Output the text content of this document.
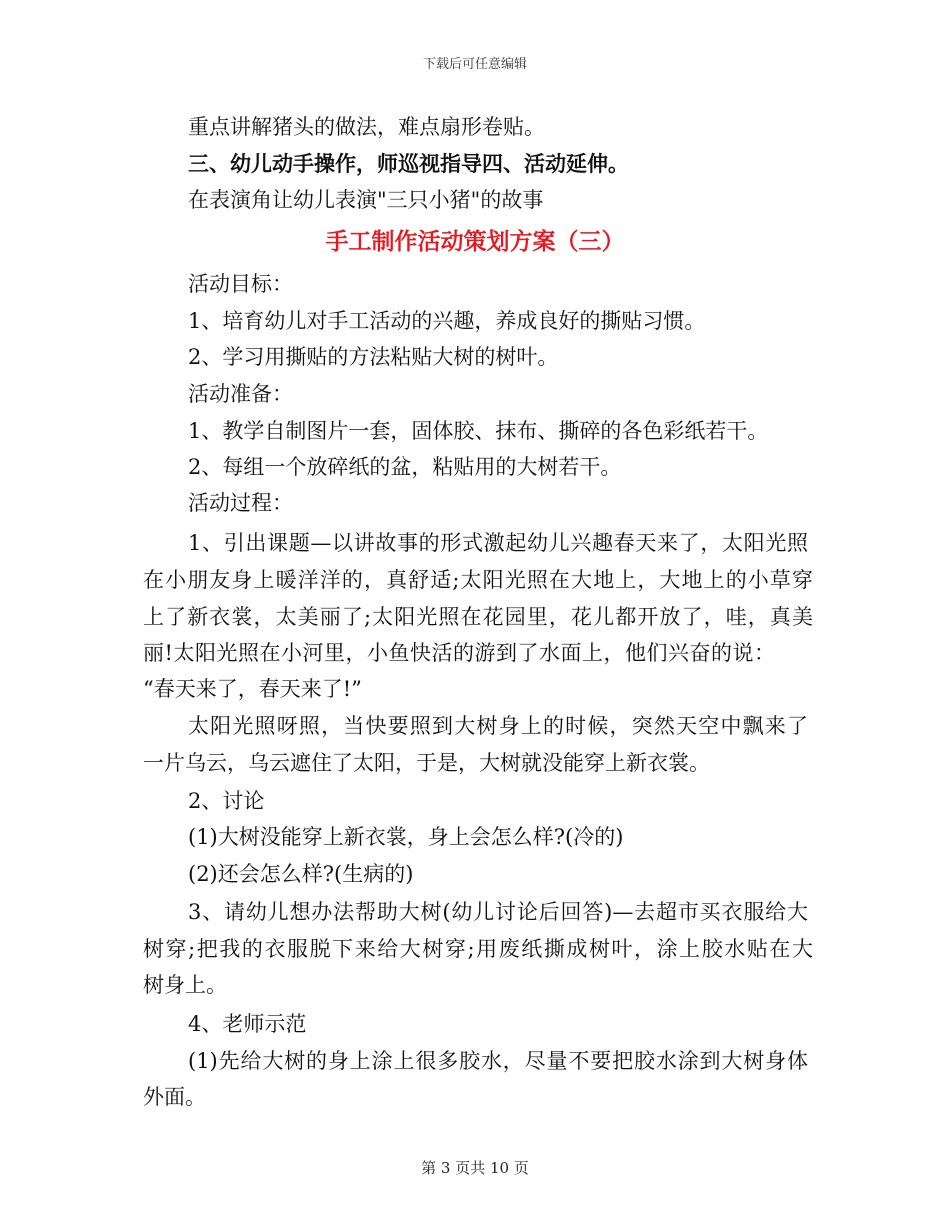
下载后可任意编辑
重点讲解猪头的做法，难点扇形卷贴。
三、幼儿动手操作，师巡视指导四、活动延伸。
在表演角让幼儿表演"三只小猪"的故事
手工制作活动策划方案（三）
活动目标：
1、培育幼儿对手工活动的兴趣，养成良好的撕贴习惯。
2、学习用撕贴的方法粘贴大树的树叶。
活动准备：
1、教学自制图片一套，固体胶、抹布、撕碎的各色彩纸若干。
2、每组一个放碎纸的盆，粘贴用的大树若干。
活动过程：
1、引出课题—以讲故事的形式激起幼儿兴趣春天来了，太阳光照
在小朋友身上暖洋洋的，真舒适;太阳光照在大地上，大地上的小草穿
上了新衣裳，太美丽了;太阳光照在花园里，花儿都开放了，哇，真美
丽!太阳光照在小河里，小鱼快活的游到了水面上，他们兴奋的说：
“春天来了，春天来了!”
太阳光照呀照，当快要照到大树身上的时候，突然天空中飘来了
一片乌云，乌云遮住了太阳，于是，大树就没能穿上新衣裳。
2、讨论
(1)大树没能穿上新衣裳，身上会怎么样?(冷的)
(2)还会怎么样?(生病的)
3、请幼儿想办法帮助大树(幼儿讨论后回答)—去超市买衣服给大
树穿;把我的衣服脱下来给大树穿;用废纸撕成树叶，涂上胶水贴在大
树身上。
4、老师示范
(1)先给大树的身上涂上很多胶水，尽量不要把胶水涂到大树身体
外面。
第 3 页共 10 页
